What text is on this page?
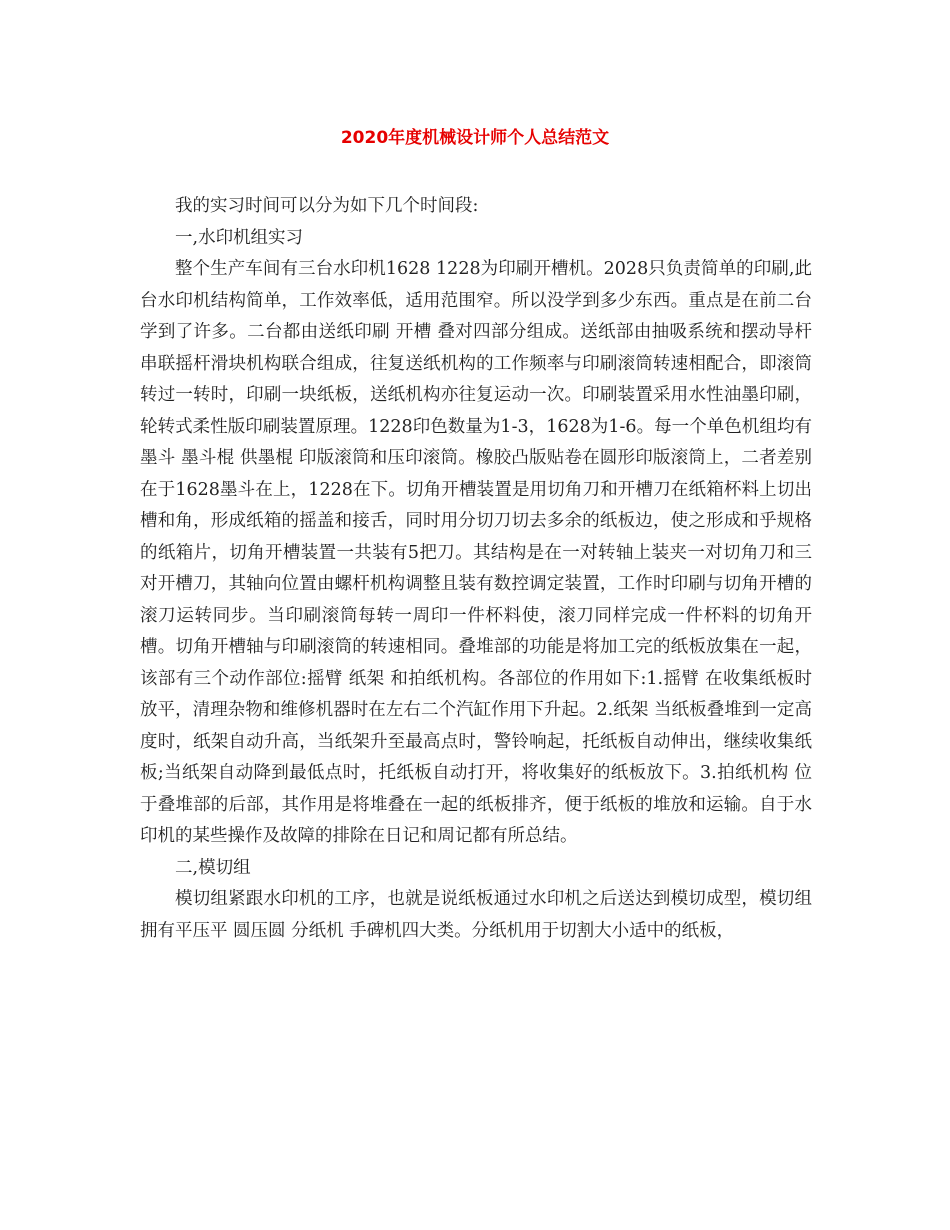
2020年度机械设计师个人总结范文

我的实习时间可以分为如下几个时间段:

一,水印机组实习

整个生产车间有三台水印机1628 1228为印刷开槽机。2028只负责简单的印刷,此台水印机结构简单，工作效率低，适用范围窄。所以没学到多少东西。重点是在前二台学到了许多。二台都由送纸印刷 开槽 叠对四部分组成。送纸部由抽吸系统和摆动导杆串联摇杆滑块机构联合组成，往复送纸机构的工作频率与印刷滚筒转速相配合，即滚筒转过一转时，印刷一块纸板，送纸机构亦往复运动一次。印刷装置采用水性油墨印刷，轮转式柔性版印刷装置原理。1228印色数量为1-3，1628为1-6。每一个单色机组均有墨斗 墨斗棍 供墨棍 印版滚筒和压印滚筒。橡胶凸版贴卷在圆形印版滚筒上，二者差别在于1628墨斗在上，1228在下。切角开槽装置是用切角刀和开槽刀在纸箱杯料上切出槽和角，形成纸箱的摇盖和接舌，同时用分切刀切去多余的纸板边，使之形成和乎规格的纸箱片，切角开槽装置一共装有5把刀。其结构是在一对转轴上装夹一对切角刀和三对开槽刀，其轴向位置由螺杆机构调整且装有数控调定装置，工作时印刷与切角开槽的滚刀运转同步。当印刷滚筒每转一周印一件杯料使，滚刀同样完成一件杯料的切角开槽。切角开槽轴与印刷滚筒的转速相同。叠堆部的功能是将加工完的纸板放集在一起，该部有三个动作部位:摇臂 纸架 和拍纸机构。各部位的作用如下:1.摇臂 在收集纸板时放平，清理杂物和维修机器时在左右二个汽缸作用下升起。2.纸架 当纸板叠堆到一定高度时，纸架自动升高，当纸架升至最高点时，警铃响起，托纸板自动伸出，继续收集纸板;当纸架自动降到最低点时，托纸板自动打开，将收集好的纸板放下。3.拍纸机构 位于叠堆部的后部，其作用是将堆叠在一起的纸板排齐，便于纸板的堆放和运输。自于水印机的某些操作及故障的排除在日记和周记都有所总结。

二,模切组

模切组紧跟水印机的工序，也就是说纸板通过水印机之后送达到模切成型，模切组拥有平压平 圆压圆 分纸机 手碑机四大类。分纸机用于切割大小适中的纸板，
